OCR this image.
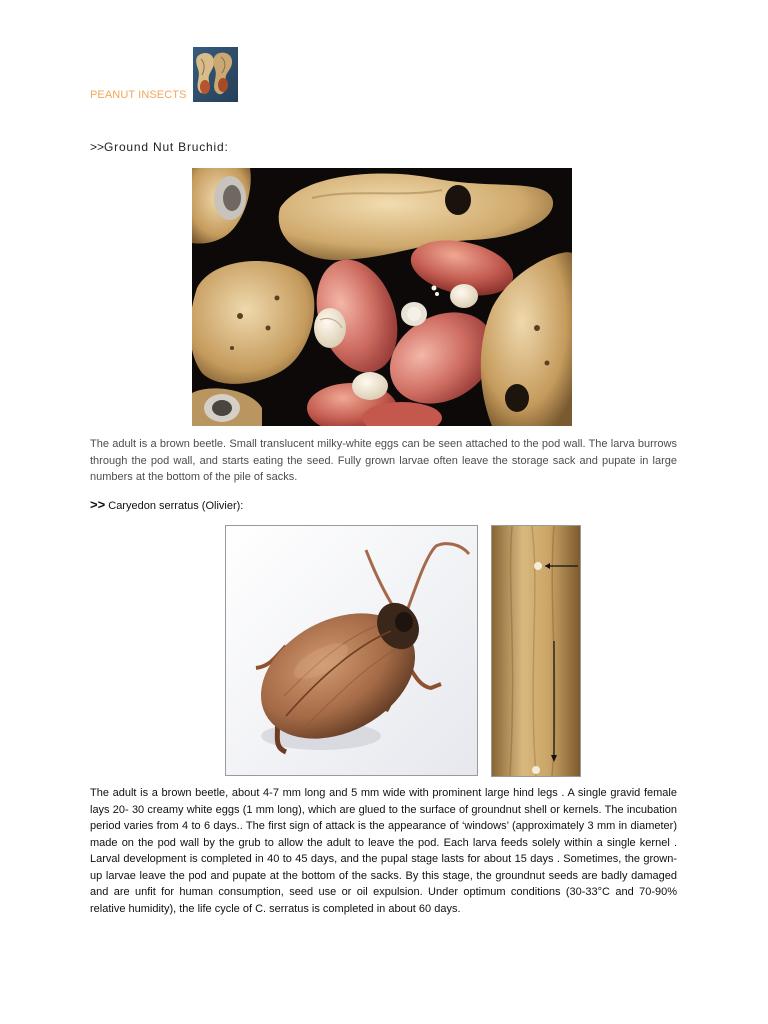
PEANUT INSECTS
>>Ground Nut Bruchid:
The adult is a brown beetle. Small translucent milky-white eggs can be seen attached to the pod wall. The larva burrows through the pod wall, and starts eating the seed. Fully grown larvae often leave the storage sack and pupate in large numbers at the bottom of the pile of sacks.
>> Caryedon serratus (Olivier):
The adult is a brown beetle, about 4-7 mm long and 5 mm wide with prominent large hind legs . A single gravid female lays 20- 30 creamy white eggs (1 mm long), which are glued to the surface of groundnut shell or kernels. The incubation period varies from 4 to 6 days.. The first sign of attack is the appearance of ‘windows’ (approximately 3 mm in diameter) made on the pod wall by the grub to allow the adult to leave the pod. Each larva feeds solely within a single kernel . Larval development is completed in 40 to 45 days, and the pupal stage lasts for about 15 days . Sometimes, the grown-up larvae leave the pod and pupate at the bottom of the sacks. By this stage, the groundnut seeds are badly damaged and are unfit for human consumption, seed use or oil expulsion. Under optimum conditions (30-33°C and 70-90% relative humidity), the life cycle of C. serratus is completed in about 60 days.
